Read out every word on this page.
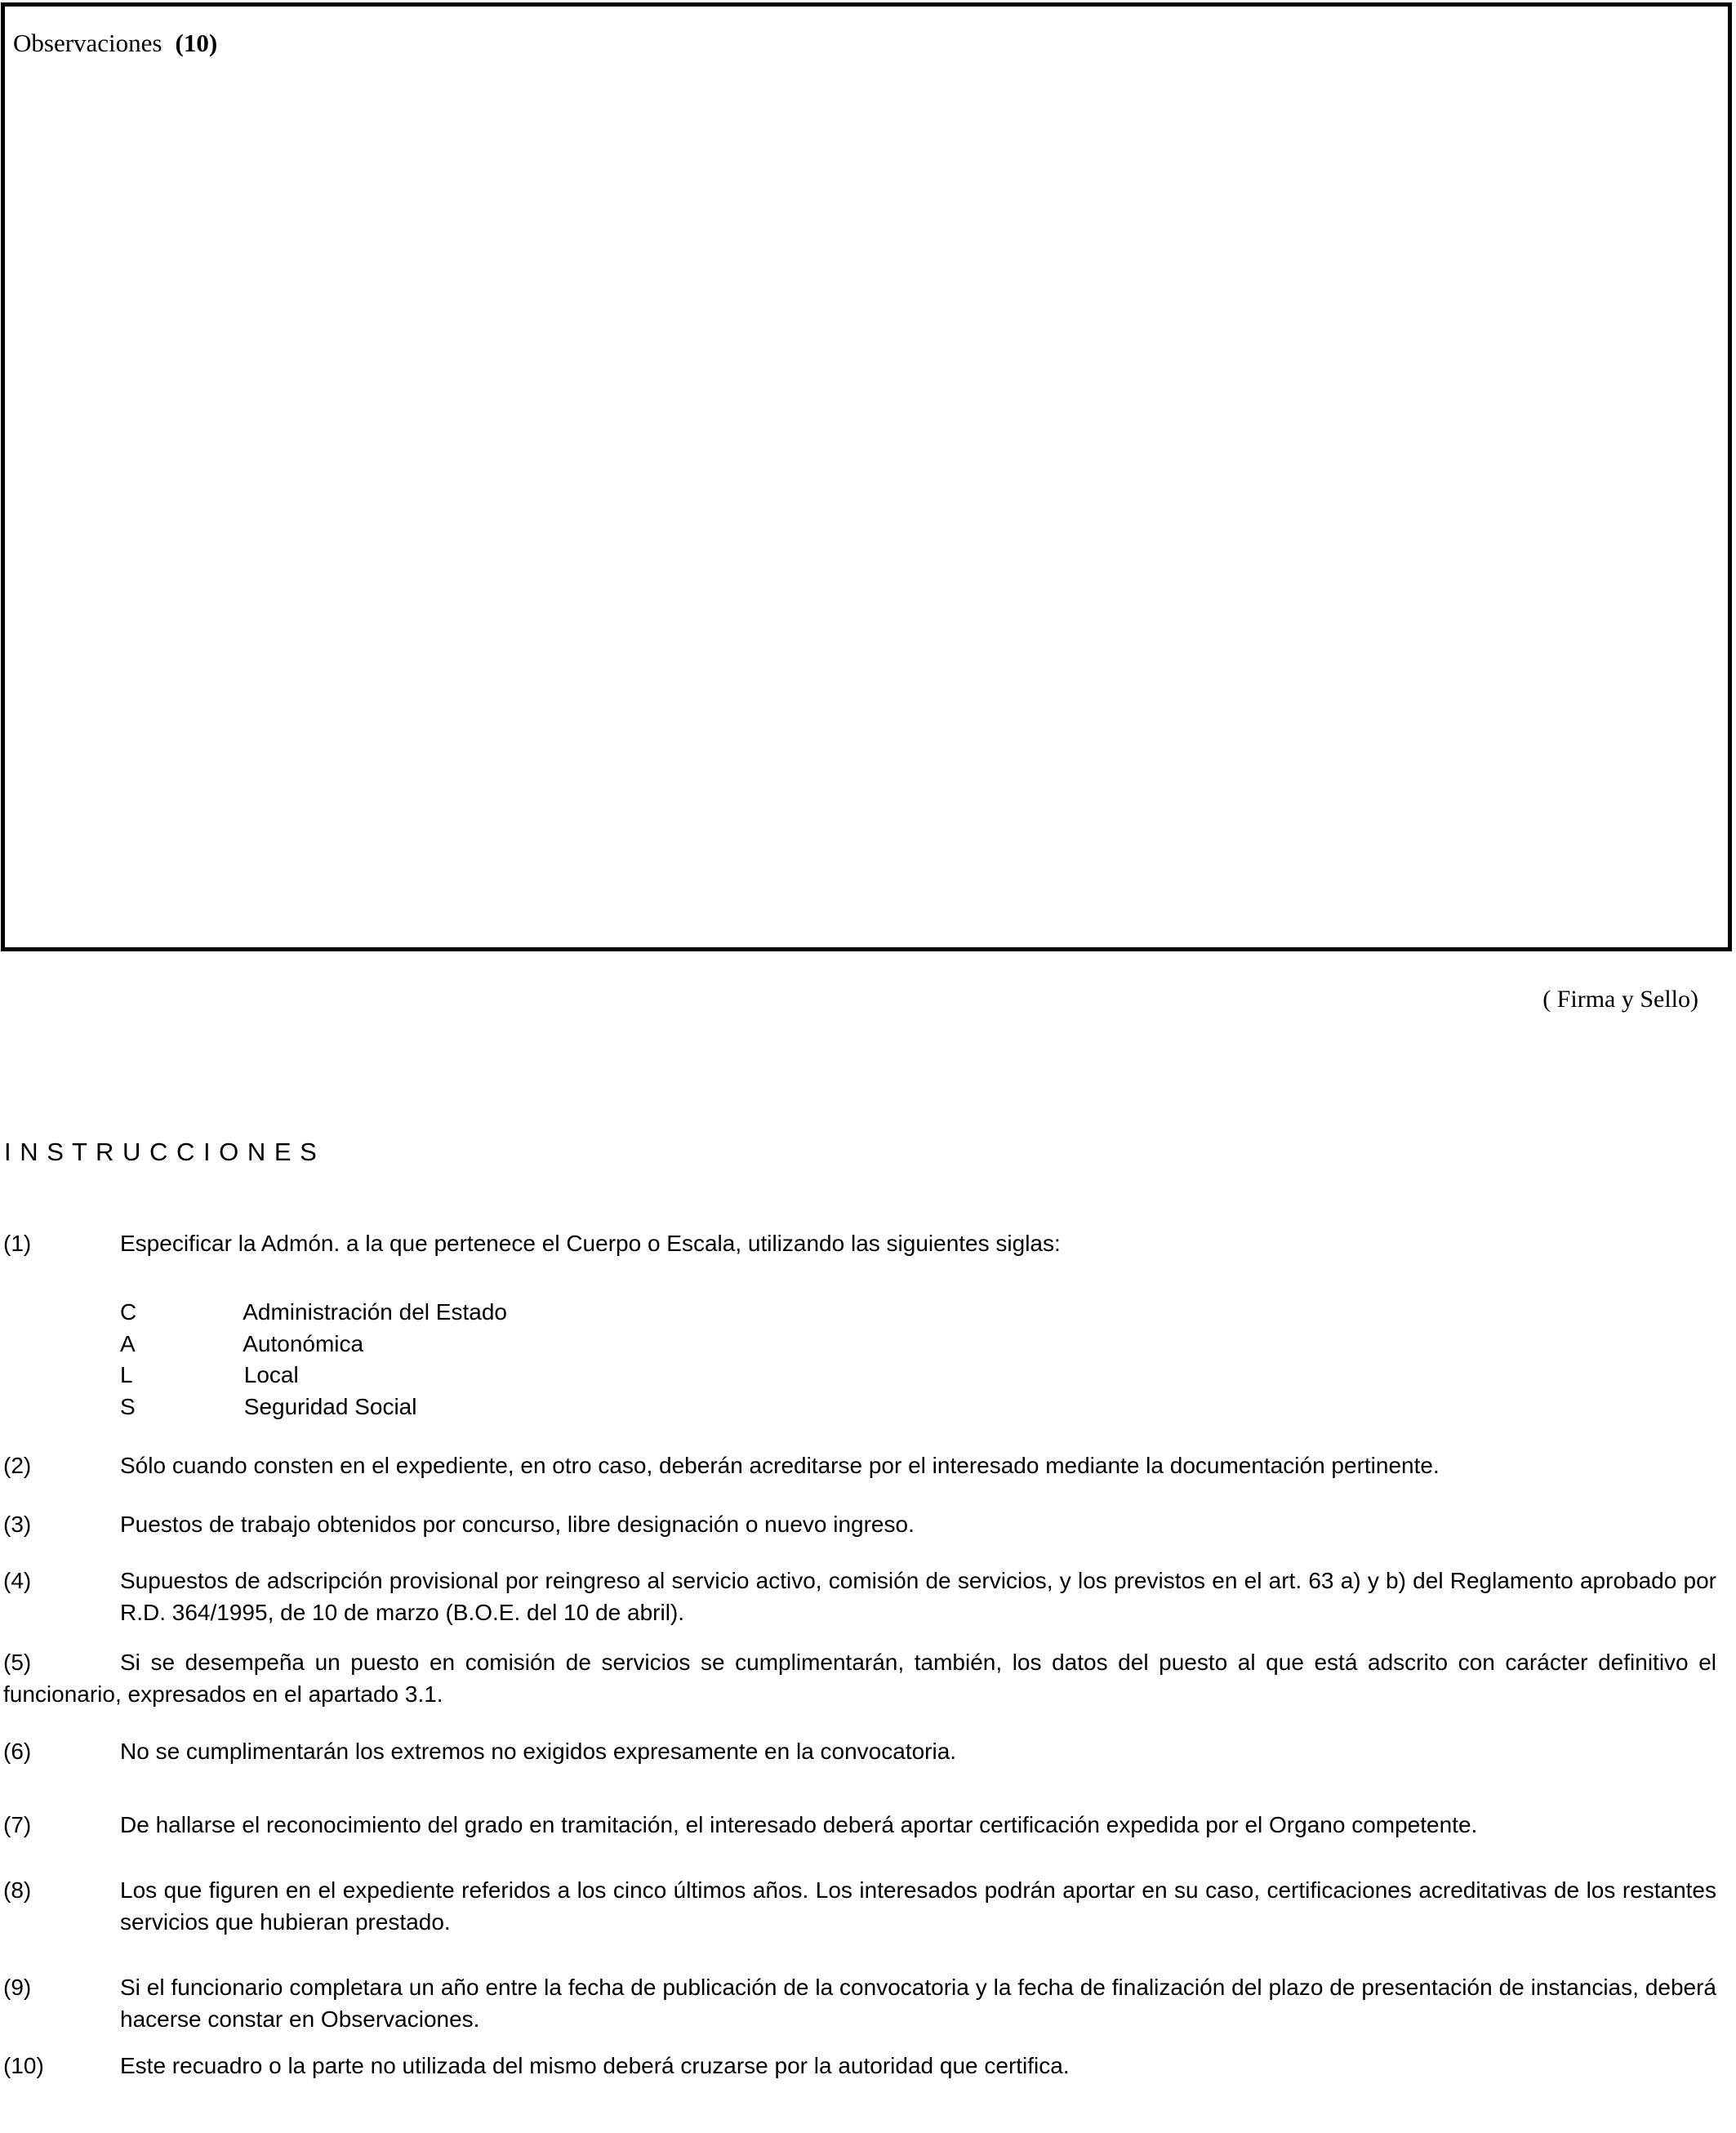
Observaciones (10)
( Firma y Sello)
I N S T R U C C I O N E S
(1)	Especificar la Admón. a la que pertenece el Cuerpo o Escala, utilizando las siguientes siglas:
C	Administración del Estado
A	Autonómica
L	Local
S	Seguridad Social
(2)	Sólo cuando consten en el expediente, en otro caso, deberán acreditarse por el interesado mediante la documentación pertinente.
(3)	Puestos de trabajo obtenidos por concurso, libre designación o nuevo ingreso.
(4)	Supuestos de adscripción provisional por reingreso al servicio activo, comisión de servicios, y los previstos en el art. 63 a) y b) del Reglamento aprobado por R.D. 364/1995, de 10 de marzo (B.O.E. del 10 de abril).
(5)	Si se desempeña un puesto en comisión de servicios se cumplimentarán, también, los datos del puesto al que está adscrito con carácter definitivo el funcionario, expresados en el apartado 3.1.
(6)	No se cumplimentarán los extremos no exigidos expresamente en la convocatoria.
(7)	De hallarse el reconocimiento del grado en tramitación, el interesado deberá aportar certificación expedida por el Organo competente.
(8)	Los que figuren en el expediente referidos a los cinco últimos años. Los interesados podrán aportar en su caso, certificaciones acreditativas de los restantes servicios que hubieran prestado.
(9)	Si el funcionario completara un año entre la fecha de publicación de la convocatoria y la fecha de finalización del plazo de presentación de instancias, deberá hacerse constar en Observaciones.
(10)	Este recuadro o la parte no utilizada del mismo deberá cruzarse por la autoridad que certifica.
